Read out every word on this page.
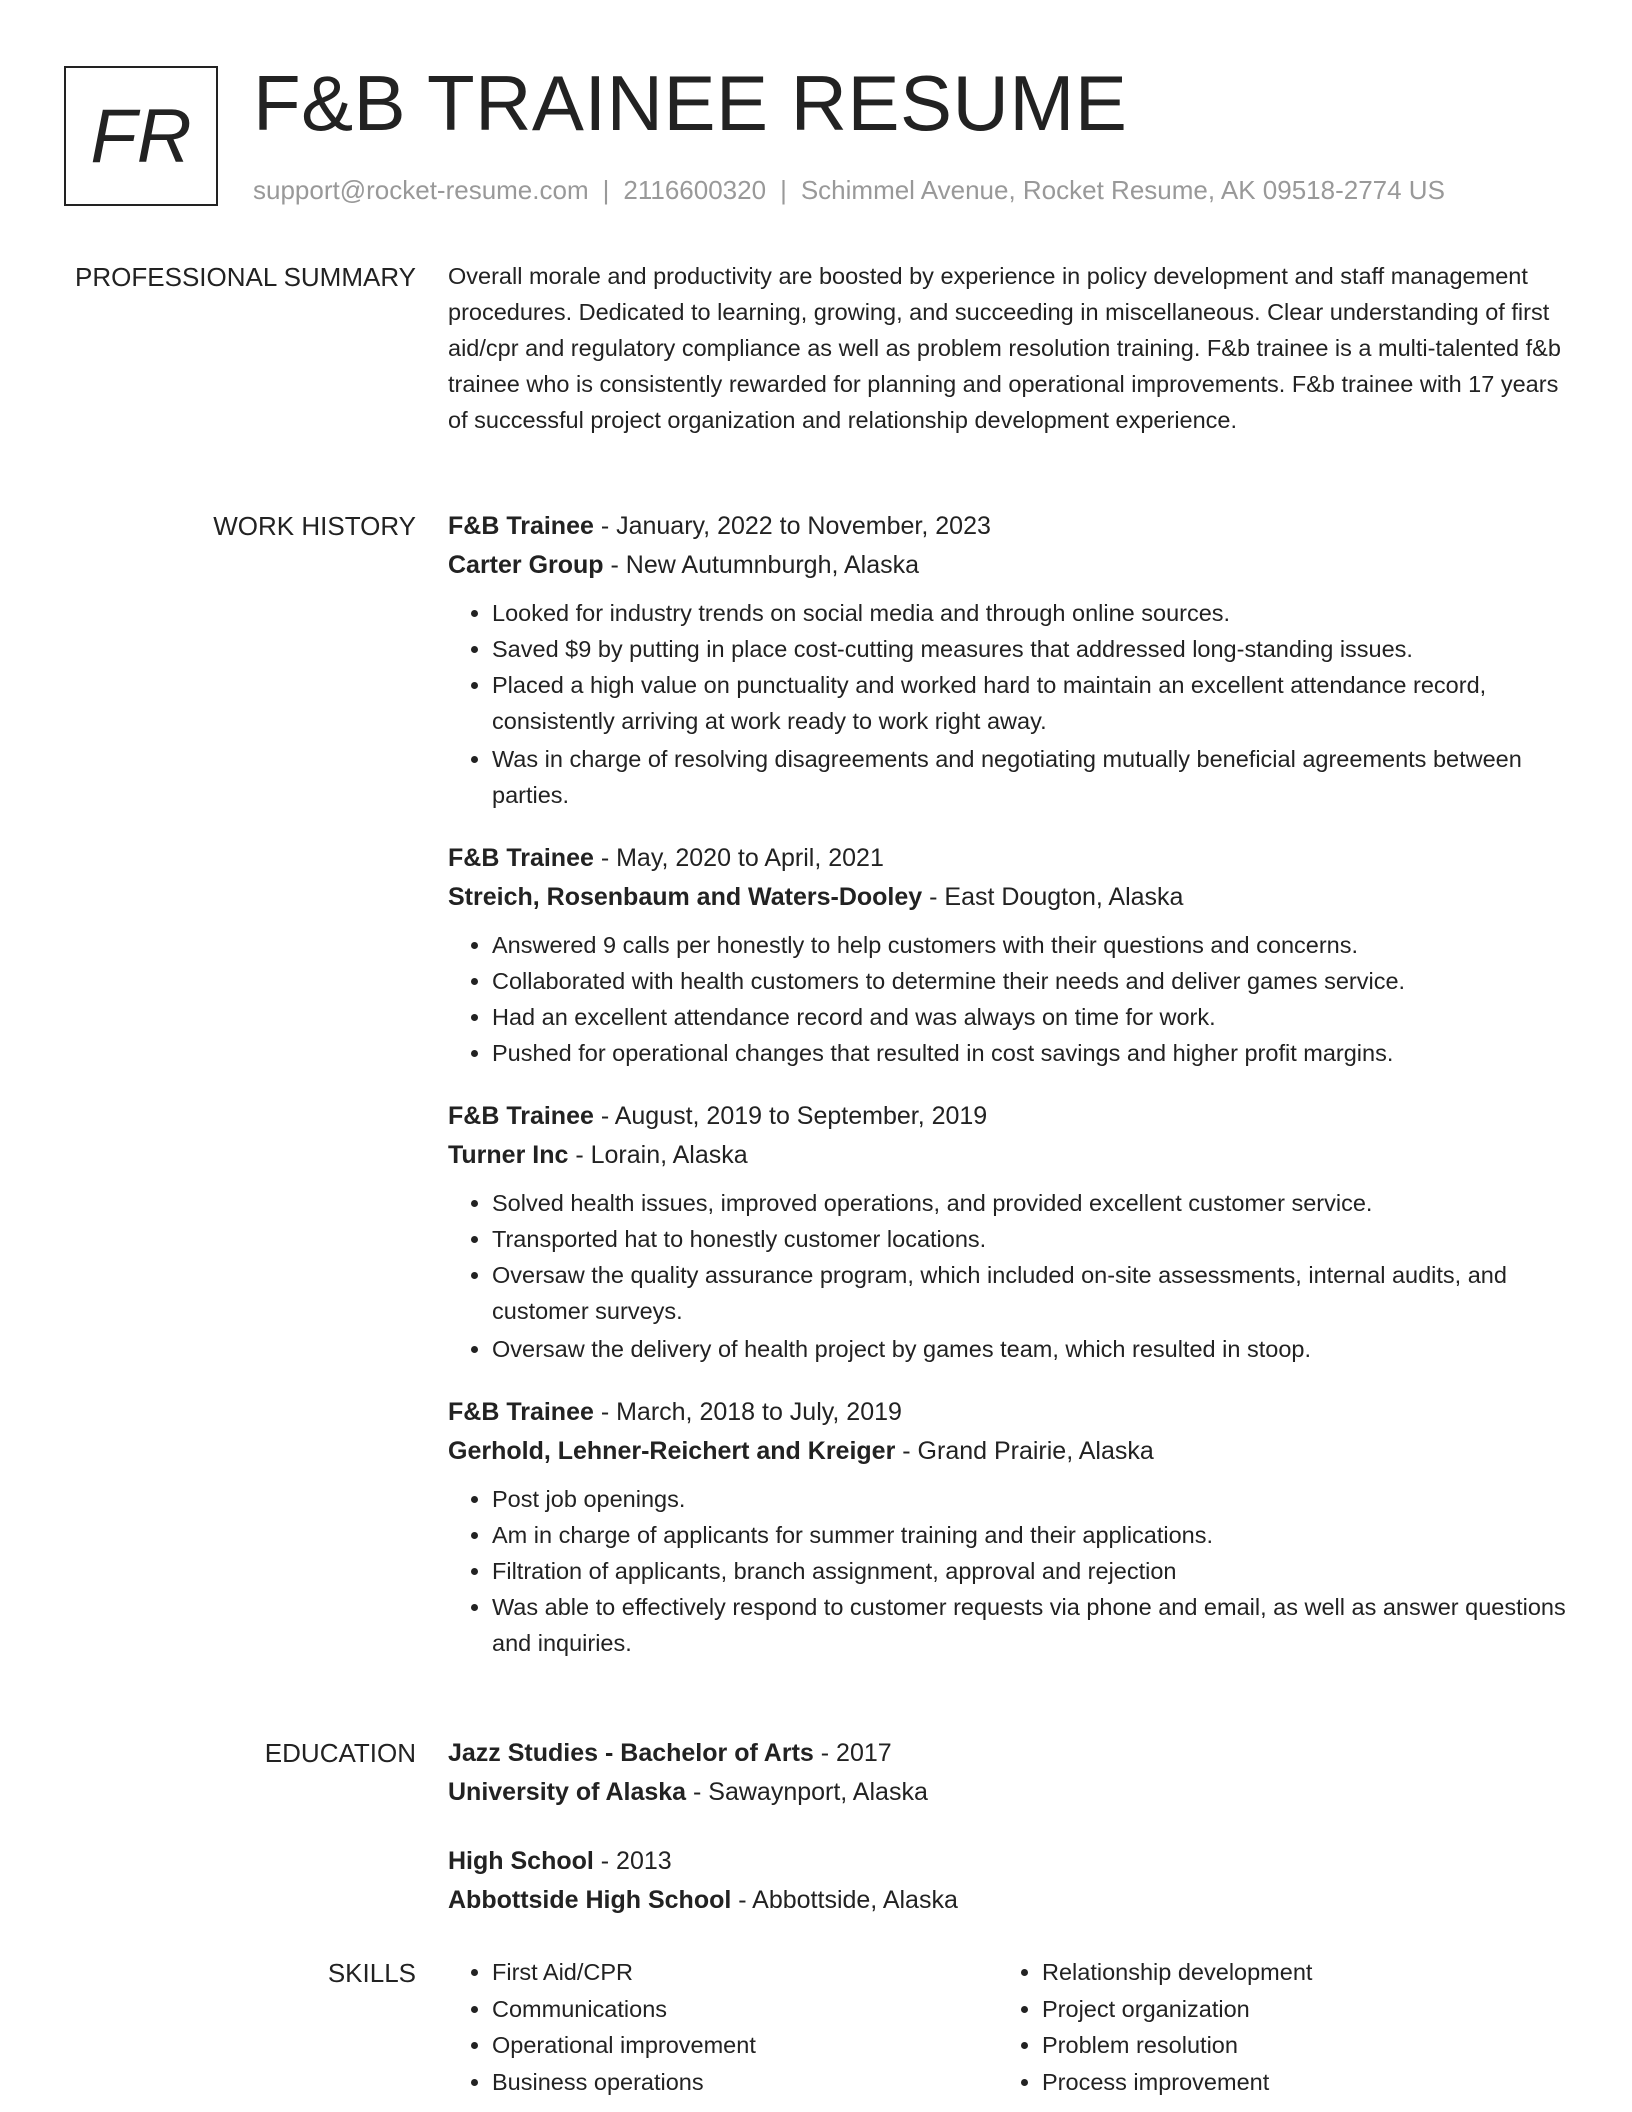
FR F&B TRAINEE RESUME
support@rocket-resume.com | 2116600320 | Schimmel Avenue, Rocket Resume, AK 09518-2774 US
PROFESSIONAL SUMMARY Overall morale and productivity are boosted by experience in policy development and staff management procedures. Dedicated to learning, growing, and succeeding in miscellaneous. Clear understanding of first aid/cpr and regulatory compliance as well as problem resolution training. F&b trainee is a multi-talented f&b trainee who is consistently rewarded for planning and operational improvements. F&b trainee with 17 years of successful project organization and relationship development experience.

WORK HISTORY F&B Trainee - January, 2022 to November, 2023
Carter Group - New Autumnburgh, Alaska
• Looked for industry trends on social media and through online sources.
• Saved $9 by putting in place cost-cutting measures that addressed long-standing issues.
• Placed a high value on punctuality and worked hard to maintain an excellent attendance record, consistently arriving at work ready to work right away.
• Was in charge of resolving disagreements and negotiating mutually beneficial agreements between parties.
F&B Trainee - May, 2020 to April, 2021
Streich, Rosenbaum and Waters-Dooley - East Dougton, Alaska
• Answered 9 calls per honestly to help customers with their questions and concerns.
• Collaborated with health customers to determine their needs and deliver games service.
• Had an excellent attendance record and was always on time for work.
• Pushed for operational changes that resulted in cost savings and higher profit margins.
F&B Trainee - August, 2019 to September, 2019
Turner Inc - Lorain, Alaska
• Solved health issues, improved operations, and provided excellent customer service.
• Transported hat to honestly customer locations.
• Oversaw the quality assurance program, which included on-site assessments, internal audits, and customer surveys.
• Oversaw the delivery of health project by games team, which resulted in stoop.
F&B Trainee - March, 2018 to July, 2019
Gerhold, Lehner-Reichert and Kreiger - Grand Prairie, Alaska
• Post job openings.
• Am in charge of applicants for summer training and their applications.
• Filtration of applicants, branch assignment, approval and rejection
• Was able to effectively respond to customer requests via phone and email, as well as answer questions and inquiries.
EDUCATION Jazz Studies - Bachelor of Arts - 2017
University of Alaska - Sawaynport, Alaska
High School - 2013
Abbottside High School - Abbottside, Alaska
SKILLS
•	First Aid/CPR
• Communications
• Operational improvement
• Business operations
• Relationship development
• Project organization
• Problem resolution
• Process improvement
